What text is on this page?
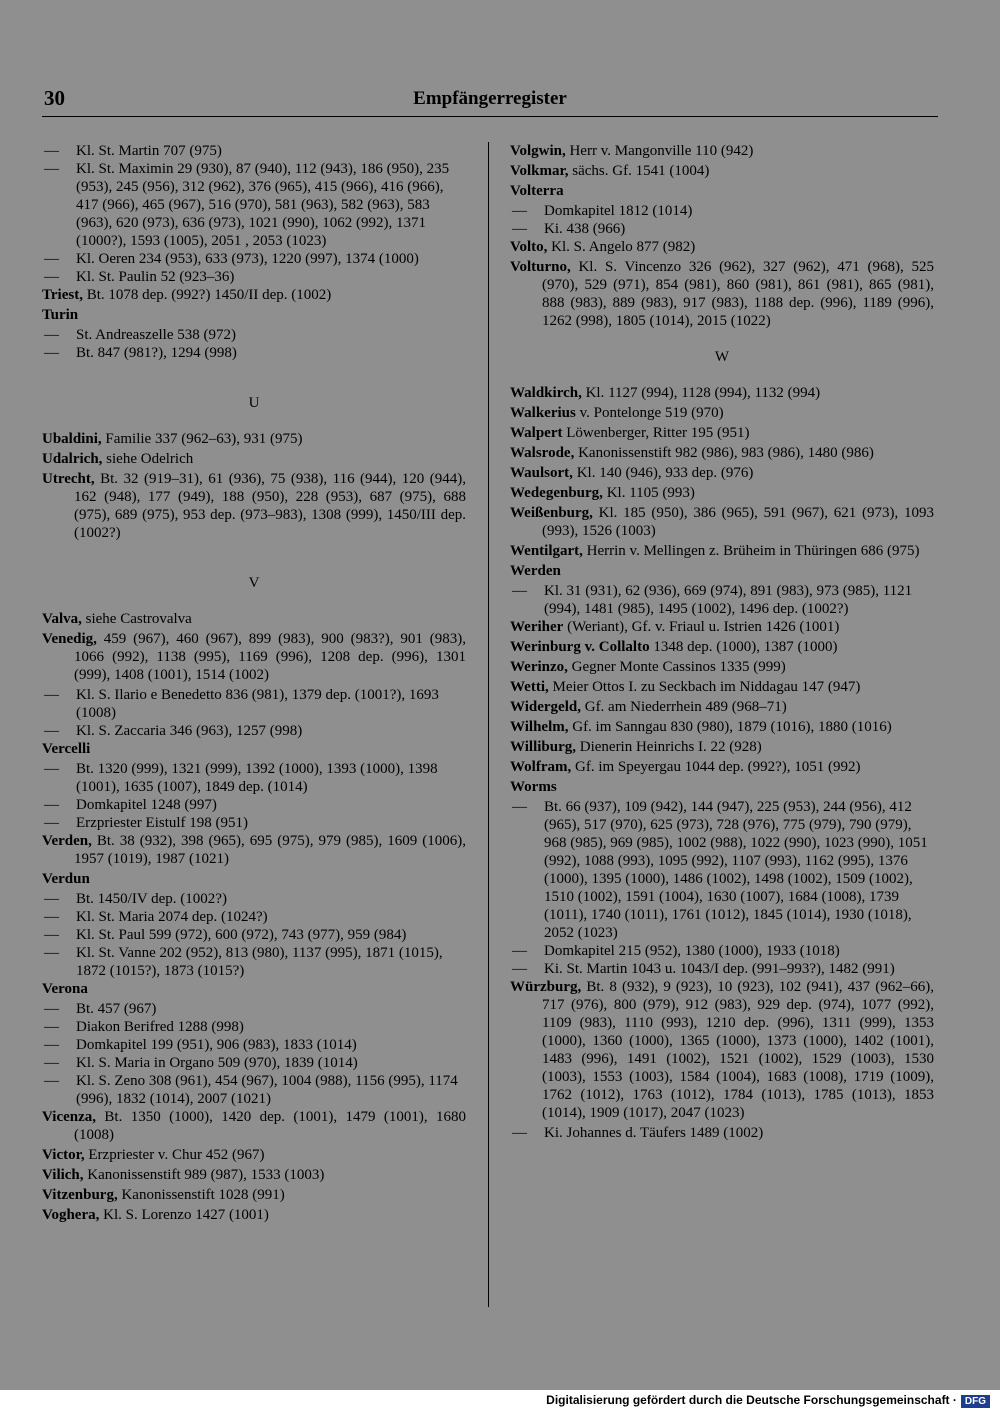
30	Empfängerregister
— Kl. St. Martin 707 (975)
— Kl. St. Maximin 29 (930), 87 (940), 112 (943), 186 (950), 235 (953), 245 (956), 312 (962), 376 (965), 415 (966), 416 (966), 417 (966), 465 (967), 516 (970), 581 (963), 582 (963), 583 (963), 620 (973), 636 (973), 1021 (990), 1062 (992), 1371 (1000?), 1593 (1005), 2051 , 2053 (1023)
— Kl. Oeren 234 (953), 633 (973), 1220 (997), 1374 (1000)
— Kl. St. Paulin 52 (923–36)
Triest, Bt. 1078 dep. (992?) 1450/II dep. (1002)
Turin
— St. Andreaszelle 538 (972)
— Bt. 847 (981?), 1294 (998)
U
Ubaldini, Familie 337 (962–63), 931 (975)
Udalrich, siehe Odelrich
Utrecht, Bt. 32 (919–31), 61 (936), 75 (938), 116 (944), 120 (944), 162 (948), 177 (949), 188 (950), 228 (953), 687 (975), 688 (975), 689 (975), 953 dep. (973–983), 1308 (999), 1450/III dep. (1002?)
V
Valva, siehe Castrovalva
Venedig, 459 (967), 460 (967), 899 (983), 900 (983?), 901 (983), 1066 (992), 1138 (995), 1169 (996), 1208 dep. (996), 1301 (999), 1408 (1001), 1514 (1002)
— Kl. S. Ilario e Benedetto 836 (981), 1379 dep. (1001?), 1693 (1008)
— Kl. S. Zaccaria 346 (963), 1257 (998)
Vercelli
— Bt. 1320 (999), 1321 (999), 1392 (1000), 1393 (1000), 1398 (1001), 1635 (1007), 1849 dep. (1014)
— Domkapitel 1248 (997)
— Erzpriester Eistulf 198 (951)
Verden, Bt. 38 (932), 398 (965), 695 (975), 979 (985), 1609 (1006), 1957 (1019), 1987 (1021)
Verdun
— Bt. 1450/IV dep. (1002?)
— Kl. St. Maria 2074 dep. (1024?)
— Kl. St. Paul 599 (972), 600 (972), 743 (977), 959 (984)
— Kl. St. Vanne 202 (952), 813 (980), 1137 (995), 1871 (1015), 1872 (1015?), 1873 (1015?)
Verona
— Bt. 457 (967)
— Diakon Berifred 1288 (998)
— Domkapitel 199 (951), 906 (983), 1833 (1014)
— Kl. S. Maria in Organo 509 (970), 1839 (1014)
— Kl. S. Zeno 308 (961), 454 (967), 1004 (988), 1156 (995), 1174 (996), 1832 (1014), 2007 (1021)
Vicenza, Bt. 1350 (1000), 1420 dep. (1001), 1479 (1001), 1680 (1008)
Victor, Erzpriester v. Chur 452 (967)
Vilich, Kanonissenstift 989 (987), 1533 (1003)
Vitzenburg, Kanonissenstift 1028 (991)
Voghera, Kl. S. Lorenzo 1427 (1001)
Volgwin, Herr v. Mangonville 110 (942)
Volkmar, sächs. Gf. 1541 (1004)
Volterra
— Domkapitel 1812 (1014)
— Ki. 438 (966)
Volto, Kl. S. Angelo 877 (982)
Volturno, Kl. S. Vincenzo 326 (962), 327 (962), 471 (968), 525 (970), 529 (971), 854 (981), 860 (981), 861 (981), 865 (981), 888 (983), 889 (983), 917 (983), 1188 dep. (996), 1189 (996), 1262 (998), 1805 (1014), 2015 (1022)
W
Waldkirch, Kl. 1127 (994), 1128 (994), 1132 (994)
Walkerius v. Pontelonge 519 (970)
Walpert Löwenberger, Ritter 195 (951)
Walsrode, Kanonissenstift 982 (986), 983 (986), 1480 (986)
Waulsort, Kl. 140 (946), 933 dep. (976)
Wedegenburg, Kl. 1105 (993)
Weißenburg, Kl. 185 (950), 386 (965), 591 (967), 621 (973), 1093 (993), 1526 (1003)
Wentilgart, Herrin v. Mellingen z. Brüheim in Thüringen 686 (975)
Werden
— Kl. 31 (931), 62 (936), 669 (974), 891 (983), 973 (985), 1121 (994), 1481 (985), 1495 (1002), 1496 dep. (1002?)
Weriher (Weriant), Gf. v. Friaul u. Istrien 1426 (1001)
Werinburg v. Collalto 1348 dep. (1000), 1387 (1000)
Werinzo, Gegner Monte Cassinos 1335 (999)
Wetti, Meier Ottos I. zu Seckbach im Niddagau 147 (947)
Widergeld, Gf. am Niederrhein 489 (968–71)
Wilhelm, Gf. im Sanngau 830 (980), 1879 (1016), 1880 (1016)
Williburg, Dienerin Heinrichs I. 22 (928)
Wolfram, Gf. im Speyergau 1044 dep. (992?), 1051 (992)
Worms
— Bt. 66 (937), 109 (942), 144 (947), 225 (953), 244 (956), 412 (965), 517 (970), 625 (973), 728 (976), 775 (979), 790 (979), 968 (985), 969 (985), 1002 (988), 1022 (990), 1023 (990), 1051 (992), 1088 (993), 1095 (992), 1107 (993), 1162 (995), 1376 (1000), 1395 (1000), 1486 (1002), 1498 (1002), 1509 (1002), 1510 (1002), 1591 (1004), 1630 (1007), 1684 (1008), 1739 (1011), 1740 (1011), 1761 (1012), 1845 (1014), 1930 (1018), 2052 (1023)
— Domkapitel 215 (952), 1380 (1000), 1933 (1018)
— Ki. St. Martin 1043 u. 1043/I dep. (991–993?), 1482 (991)
Würzburg, Bt. 8 (932), 9 (923), 10 (923), 102 (941), 437 (962–66), 717 (976), 800 (979), 912 (983), 929 dep. (974), 1077 (992), 1109 (983), 1110 (993), 1210 dep. (996), 1311 (999), 1353 (1000), 1360 (1000), 1365 (1000), 1373 (1000), 1402 (1001), 1483 (996), 1491 (1002), 1521 (1002), 1529 (1003), 1530 (1003), 1553 (1003), 1584 (1004), 1683 (1008), 1719 (1009), 1762 (1012), 1763 (1012), 1784 (1013), 1785 (1013), 1853 (1014), 1909 (1017), 2047 (1023)
— Ki. Johannes d. Täufers 1489 (1002)
Digitalisierung gefördert durch die Deutsche Forschungsgemeinschaft · DFG
